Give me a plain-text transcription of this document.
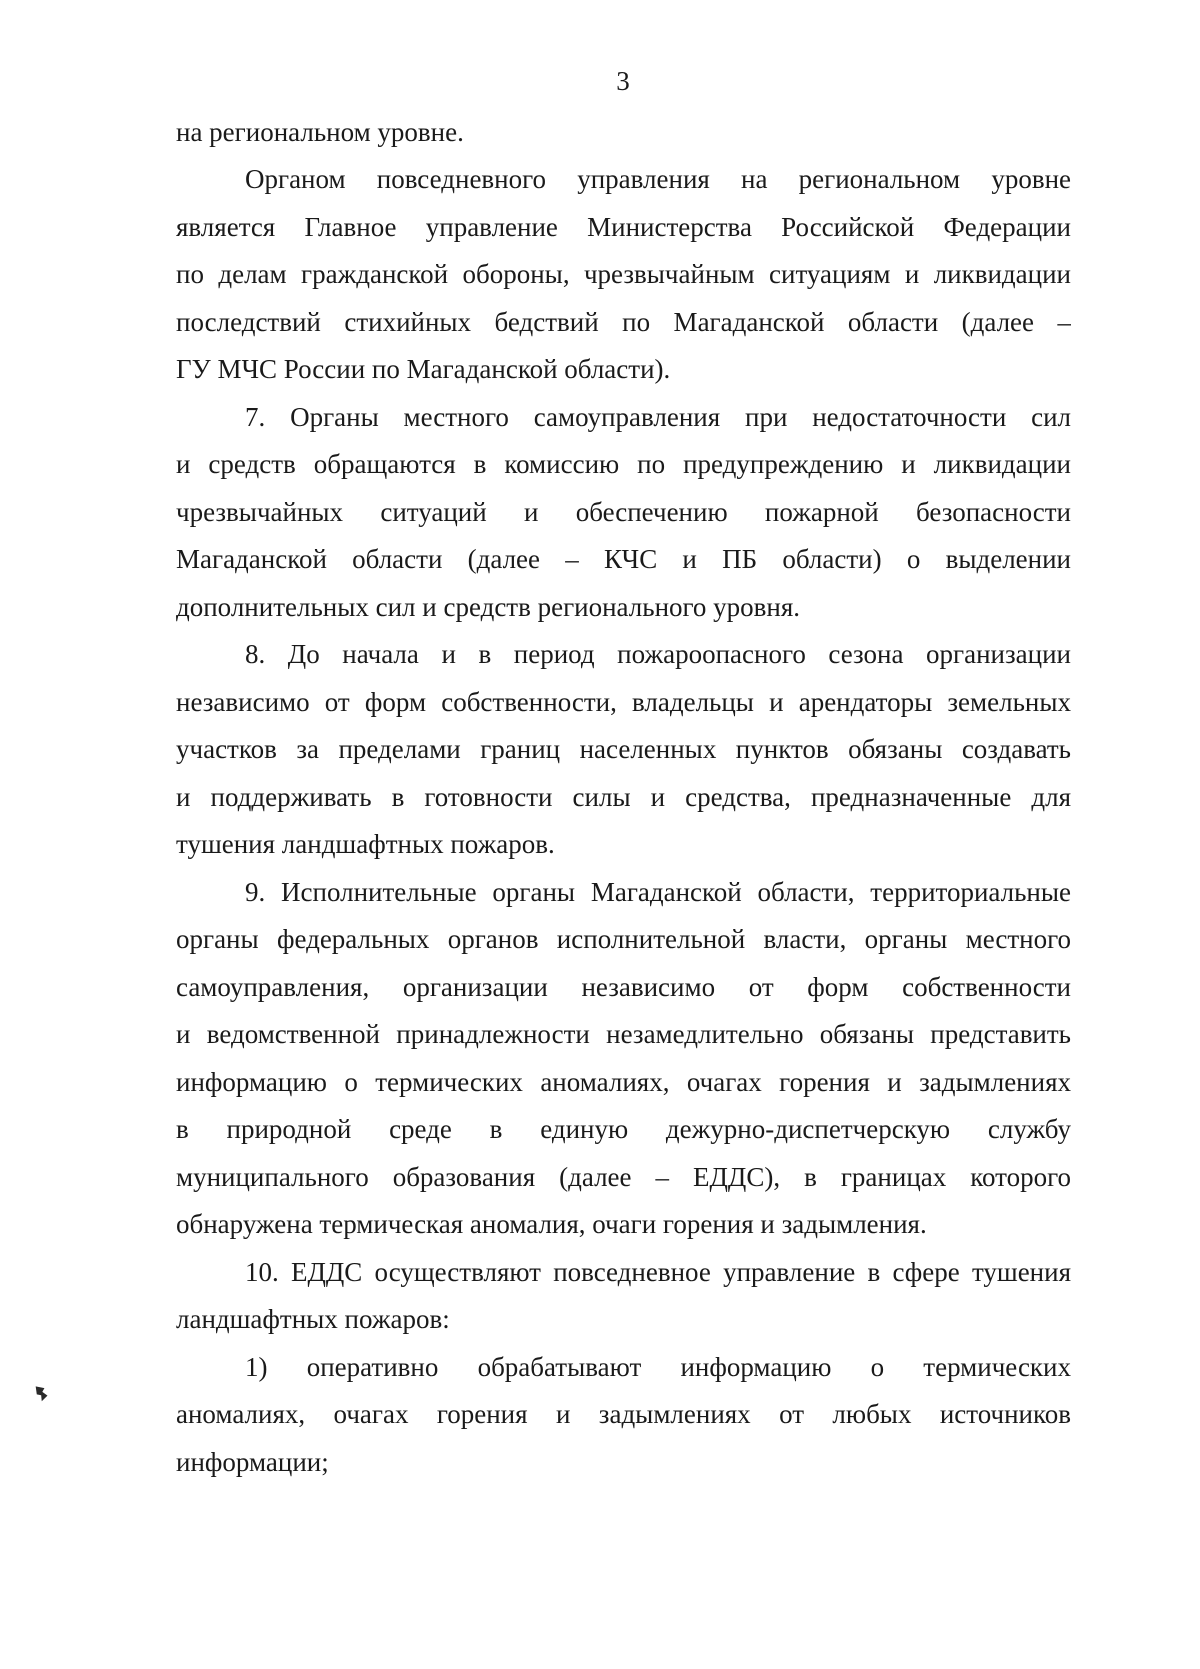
3
на региональном уровне.
Органом повседневного управления на региональном уровне
является Главное управление Министерства Российской Федерации
по делам гражданской обороны, чрезвычайным ситуациям и ликвидации
последствий стихийных бедствий по Магаданской области (далее –
ГУ МЧС России по Магаданской области).
7. Органы местного самоуправления при недостаточности сил
и средств обращаются в комиссию по предупреждению и ликвидации
чрезвычайных ситуаций и обеспечению пожарной безопасности
Магаданской области (далее – КЧС и ПБ области) о выделении
дополнительных сил и средств регионального уровня.
8. До начала и в период пожароопасного сезона организации
независимо от форм собственности, владельцы и арендаторы земельных
участков за пределами границ населенных пунктов обязаны создавать
и поддерживать в готовности силы и средства, предназначенные для
тушения ландшафтных пожаров.
9. Исполнительные органы Магаданской области, территориальные
органы федеральных органов исполнительной власти, органы местного
самоуправления, организации независимо от форм собственности
и ведомственной принадлежности незамедлительно обязаны представить
информацию о термических аномалиях, очагах горения и задымлениях
в природной среде в единую дежурно-диспетчерскую службу
муниципального образования (далее – ЕДДС), в границах которого
обнаружена термическая аномалия, очаги горения и задымления.
10. ЕДДС осуществляют повседневное управление в сфере тушения
ландшафтных пожаров:
1) оперативно обрабатывают информацию о термических
аномалиях, очагах горения и задымлениях от любых источников
информации;
